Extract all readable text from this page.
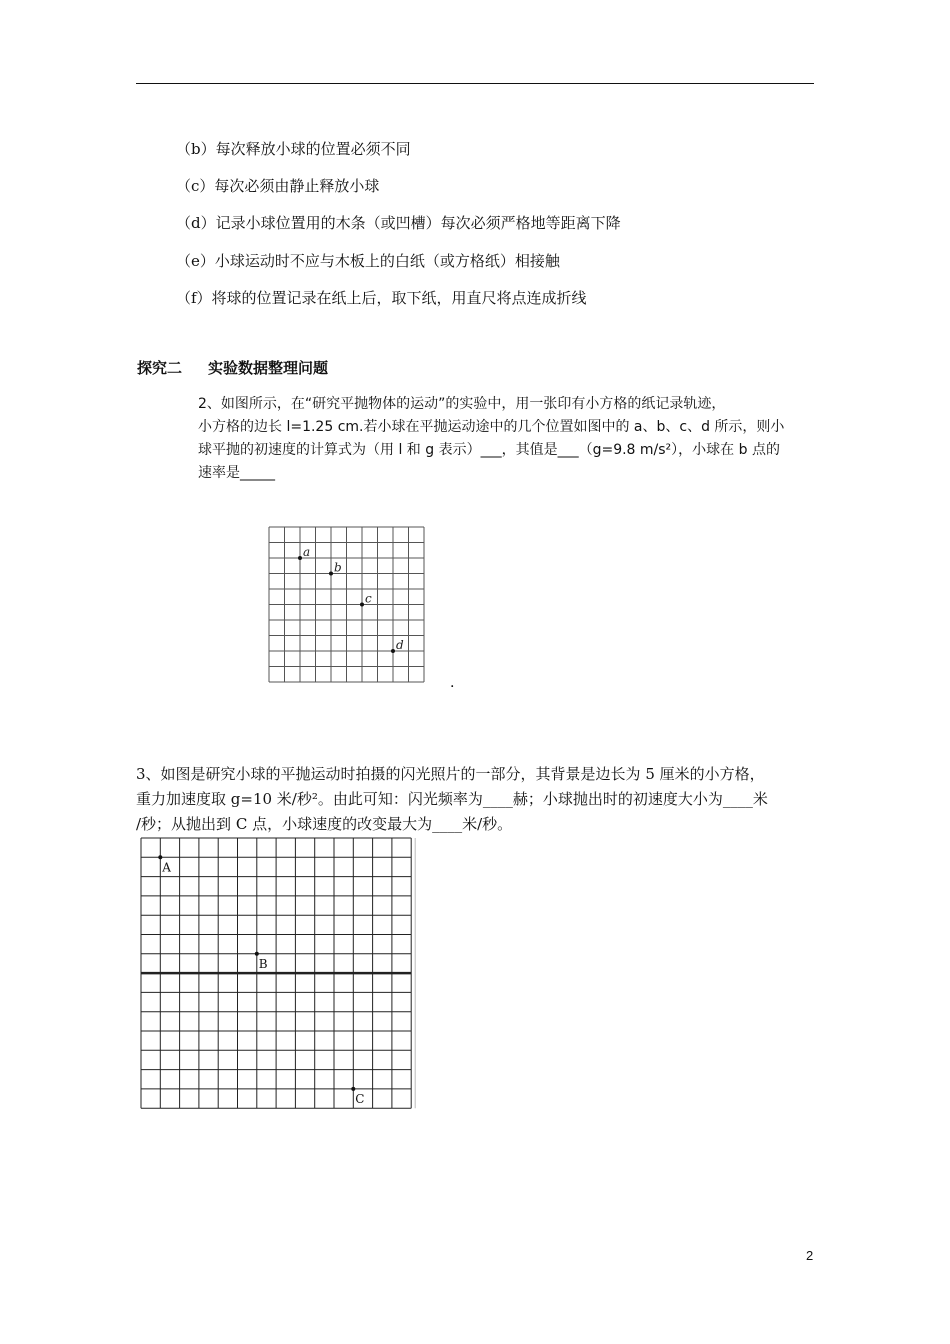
（b）每次释放小球的位置必须不同
（c）每次必须由静止释放小球
（d）记录小球位置用的木条（或凹槽）每次必须严格地等距离下降
（e）小球运动时不应与木板上的白纸（或方格纸）相接触
（f）将球的位置记录在纸上后，取下纸，用直尺将点连成折线
探究二 实验数据整理问题

2、如图所示，在“研究平抛物体的运动”的实验中，用一张印有小方格的纸记录轨迹，

小方格的边长 l=1.25 cm.若小球在平抛运动途中的几个位置如图中的 a、b、c、d 所示，则小

球平抛的初速度的计算式为（用 l 和 g 表示）___，其值是___（g=9.8 m/s²），小球在 b 点的

速率是_____

a
b
c
d
.

3、如图是研究小球的平抛运动时拍摄的闪光照片的一部分，其背景是边长为 5 厘米的小方格，

重力加速度取 g=10 米/秒²。由此可知：闪光频率为____赫；小球抛出时的初速度大小为____米

/秒；从抛出到 C 点，小球速度的改变最大为____米/秒。

A
B
C
2
